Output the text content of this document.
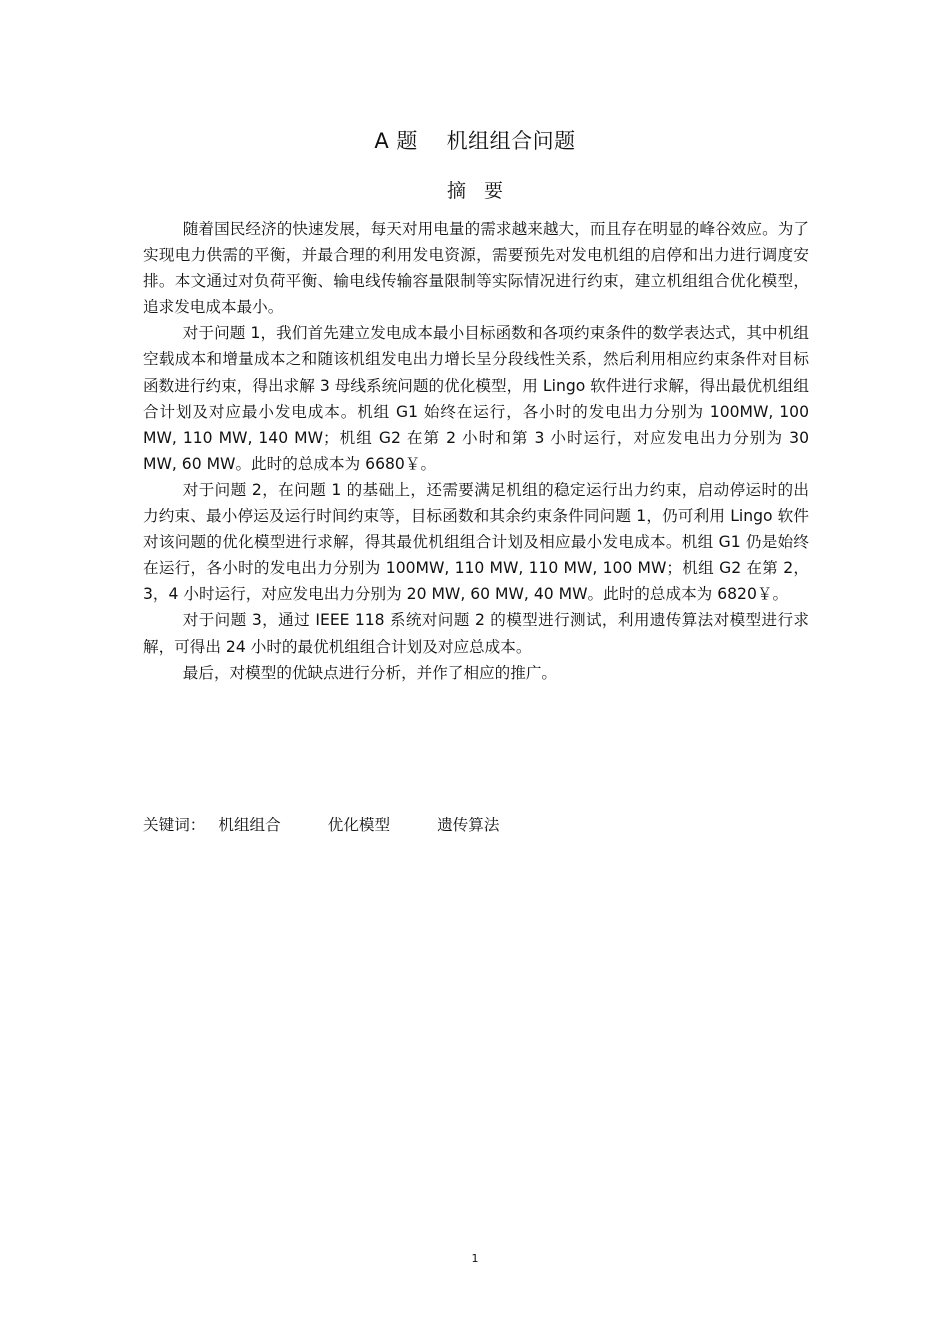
A 题    机组组合问题
摘要

随着国民经济的快速发展，每天对用电量的需求越来越大，而且存在明显的峰谷效应。为了实现电力供需的平衡，并最合理的利用发电资源，需要预先对发电机组的启停和出力进行调度安排。本文通过对负荷平衡、输电线传输容量限制等实际情况进行约束，建立机组组合优化模型，追求发电成本最小。

对于问题 1，我们首先建立发电成本最小目标函数和各项约束条件的数学表达式，其中机组空载成本和增量成本之和随该机组发电出力增长呈分段线性关系，然后利用相应约束条件对目标函数进行约束，得出求解 3 母线系统问题的优化模型，用 Lingo 软件进行求解，得出最优机组组合计划及对应最小发电成本。机组 G1 始终在运行，各小时的发电出力分别为 100MW, 100 MW, 110 MW, 140 MW；机组 G2 在第 2 小时和第 3 小时运行，对应发电出力分别为 30 MW, 60 MW。此时的总成本为 6680￥。

对于问题 2，在问题 1 的基础上，还需要满足机组的稳定运行出力约束，启动停运时的出力约束、最小停运及运行时间约束等，目标函数和其余约束条件同问题 1，仍可利用 Lingo 软件对该问题的优化模型进行求解，得其最优机组组合计划及相应最小发电成本。机组 G1 仍是始终在运行，各小时的发电出力分别为 100MW, 110 MW, 110 MW, 100 MW；机组 G2 在第 2，3，4 小时运行，对应发电出力分别为 20 MW, 60 MW, 40 MW。此时的总成本为 6820￥。

对于问题 3，通过 IEEE 118 系统对问题 2 的模型进行测试，利用遗传算法对模型进行求解，可得出 24 小时的最优机组组合计划及对应总成本。

最后，对模型的优缺点进行分析，并作了相应的推广。

关键词： 机组组合	优化模型	遗传算法
1
